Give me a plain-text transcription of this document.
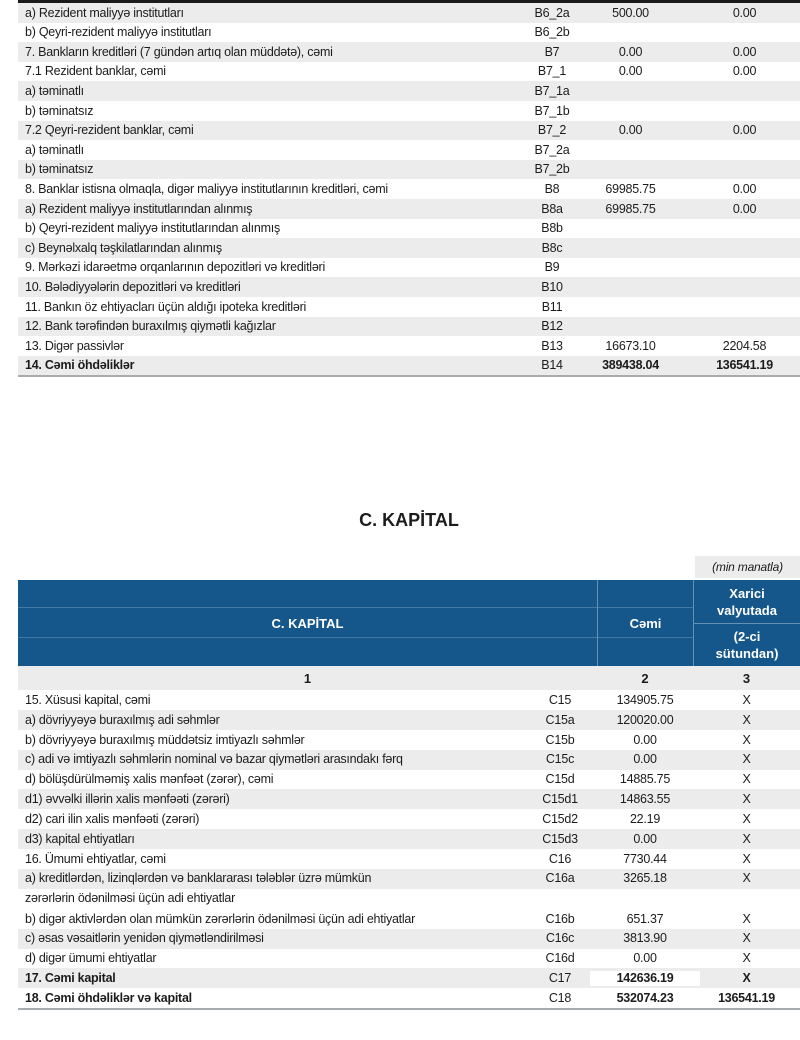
a) Rezident maliyyə institutları	B6_2a	500.00	0.00
b) Qeyri-rezident maliyyə institutları	B6_2b
7. Bankların kreditləri (7 gündən artıq olan müddətə), cəmi	B7	0.00	0.00
7.1 Rezident banklar, cəmi	B7_1	0.00	0.00
a) təminatlı	B7_1a
b) təminatsız	B7_1b
7.2 Qeyri-rezident banklar, cəmi	B7_2	0.00	0.00
a) təminatlı	B7_2a
b) təminatsız	B7_2b
8. Banklar istisna olmaqla, digər maliyyə institutlarının kreditləri, cəmi	B8	69985.75	0.00
a) Rezident maliyyə institutlarından alınmış	B8a	69985.75	0.00
b) Qeyri-rezident maliyyə institutlarından alınmış	B8b
c) Beynəlxalq təşkilatlarından alınmış	B8c
9. Mərkəzi idarəetmə orqanlarının depozitləri və kreditləri	B9
10. Bələdiyyələrin depozitləri və kreditləri	B10
11. Bankın öz ehtiyacları üçün aldığı ipoteka kreditləri	B11
12. Bank tərəfindən buraxılmış qiymətli kağızlar	B12
13. Digər passivlər	B13	16673.10	2204.58
14. Cəmi öhdəliklər	B14	389438.04	136541.19
C. KAPİTAL
(min manatla)
C. KAPİTAL	Cəmi
Xarici valyutada
(2-ci sütundan)
1	2	3
15. Xüsusi kapital, cəmi	C15	134905.75	X
a) dövriyyəyə buraxılmış adi səhmlər	C15a	120020.00	X
b) dövriyyəyə buraxılmış müddətsiz imtiyazlı səhmlər	C15b	0.00	X
c) adi və imtiyazlı səhmlərin nominal və bazar qiymətləri arasındakı fərq	C15c	0.00	X
d) bölüşdürülməmiş xalis mənfəət (zərər), cəmi	C15d	14885.75	X
d1) əvvəlki illərin xalis mənfəəti (zərəri)	C15d1	14863.55	X
d2) cari ilin xalis mənfəəti (zərəri)	C15d2	22.19	X
d3) kapital ehtiyatları	C15d3	0.00	X
16. Ümumi ehtiyatlar, cəmi	C16	7730.44	X
a) kreditlərdən, lizinqlərdən və banklararası tələblər üzrə mümkün
zərərlərin ödənilməsi üçün adi ehtiyatlar
C16a	3265.18	X
b) digər aktivlərdən olan mümkün zərərlərin ödənilməsi üçün adi ehtiyatlar	C16b	651.37	X
c) əsas vəsaitlərin yenidən qiymətləndirilməsi	C16c	3813.90	X
d) digər ümumi ehtiyatlar	C16d	0.00	X
17. Cəmi kapital	C17	142636.19	X
18. Cəmi öhdəliklər və kapital	C18	532074.23	136541.19
